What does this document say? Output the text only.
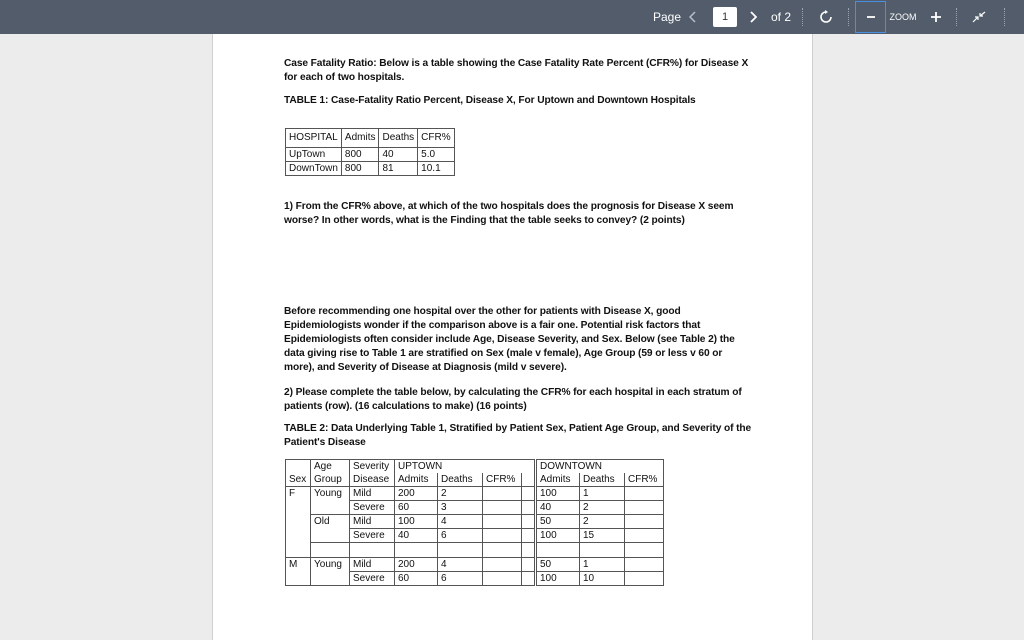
Page	1	of 2	ZOOM
Case Fatality Ratio: Below is a table showing the Case Fatality Rate Percent (CFR%) for Disease X for each of two hospitals.
TABLE 1: Case-Fatality Ratio Percent, Disease X, For Uptown and Downtown Hospitals
HOSPITAL	Admits	Deaths	CFR%
UpTown	800	40	5.0
DownTown	800	81	10.1
1) From the CFR% above, at which of the two hospitals does the prognosis for Disease X seem worse? In other words, what is the Finding that the table seeks to convey? (2 points)
Before recommending one hospital over the other for patients with Disease X, good Epidemiologists wonder if the comparison above is a fair one. Potential risk factors that Epidemiologists often consider include Age, Disease Severity, and Sex. Below (see Table 2) the data giving rise to Table 1 are stratified on Sex (male v female), Age Group (59 or less v 60 or more), and Severity of Disease at Diagnosis (mild v severe).
2) Please complete the table below, by calculating the CFR% for each hospital in each stratum of patients (row). (16 calculations to make) (16 points)
TABLE 2: Data Underlying Table 1, Stratified by Patient Sex, Patient Age Group, and Severity of the Patient's Disease
	Age	Severity	UPTOWN				DOWNTOWN		
Sex	Group	Disease	Admits	Deaths	CFR%		Admits	Deaths	CFR%
F	Young	Mild	200	2			100	1	
		Severe	60	3			40	2	
	Old	Mild	100	4			50	2	
		Severe	40	6			100	15	

M	Young	Mild	200	4			50	1	
		Severe	60	6			100	10	
